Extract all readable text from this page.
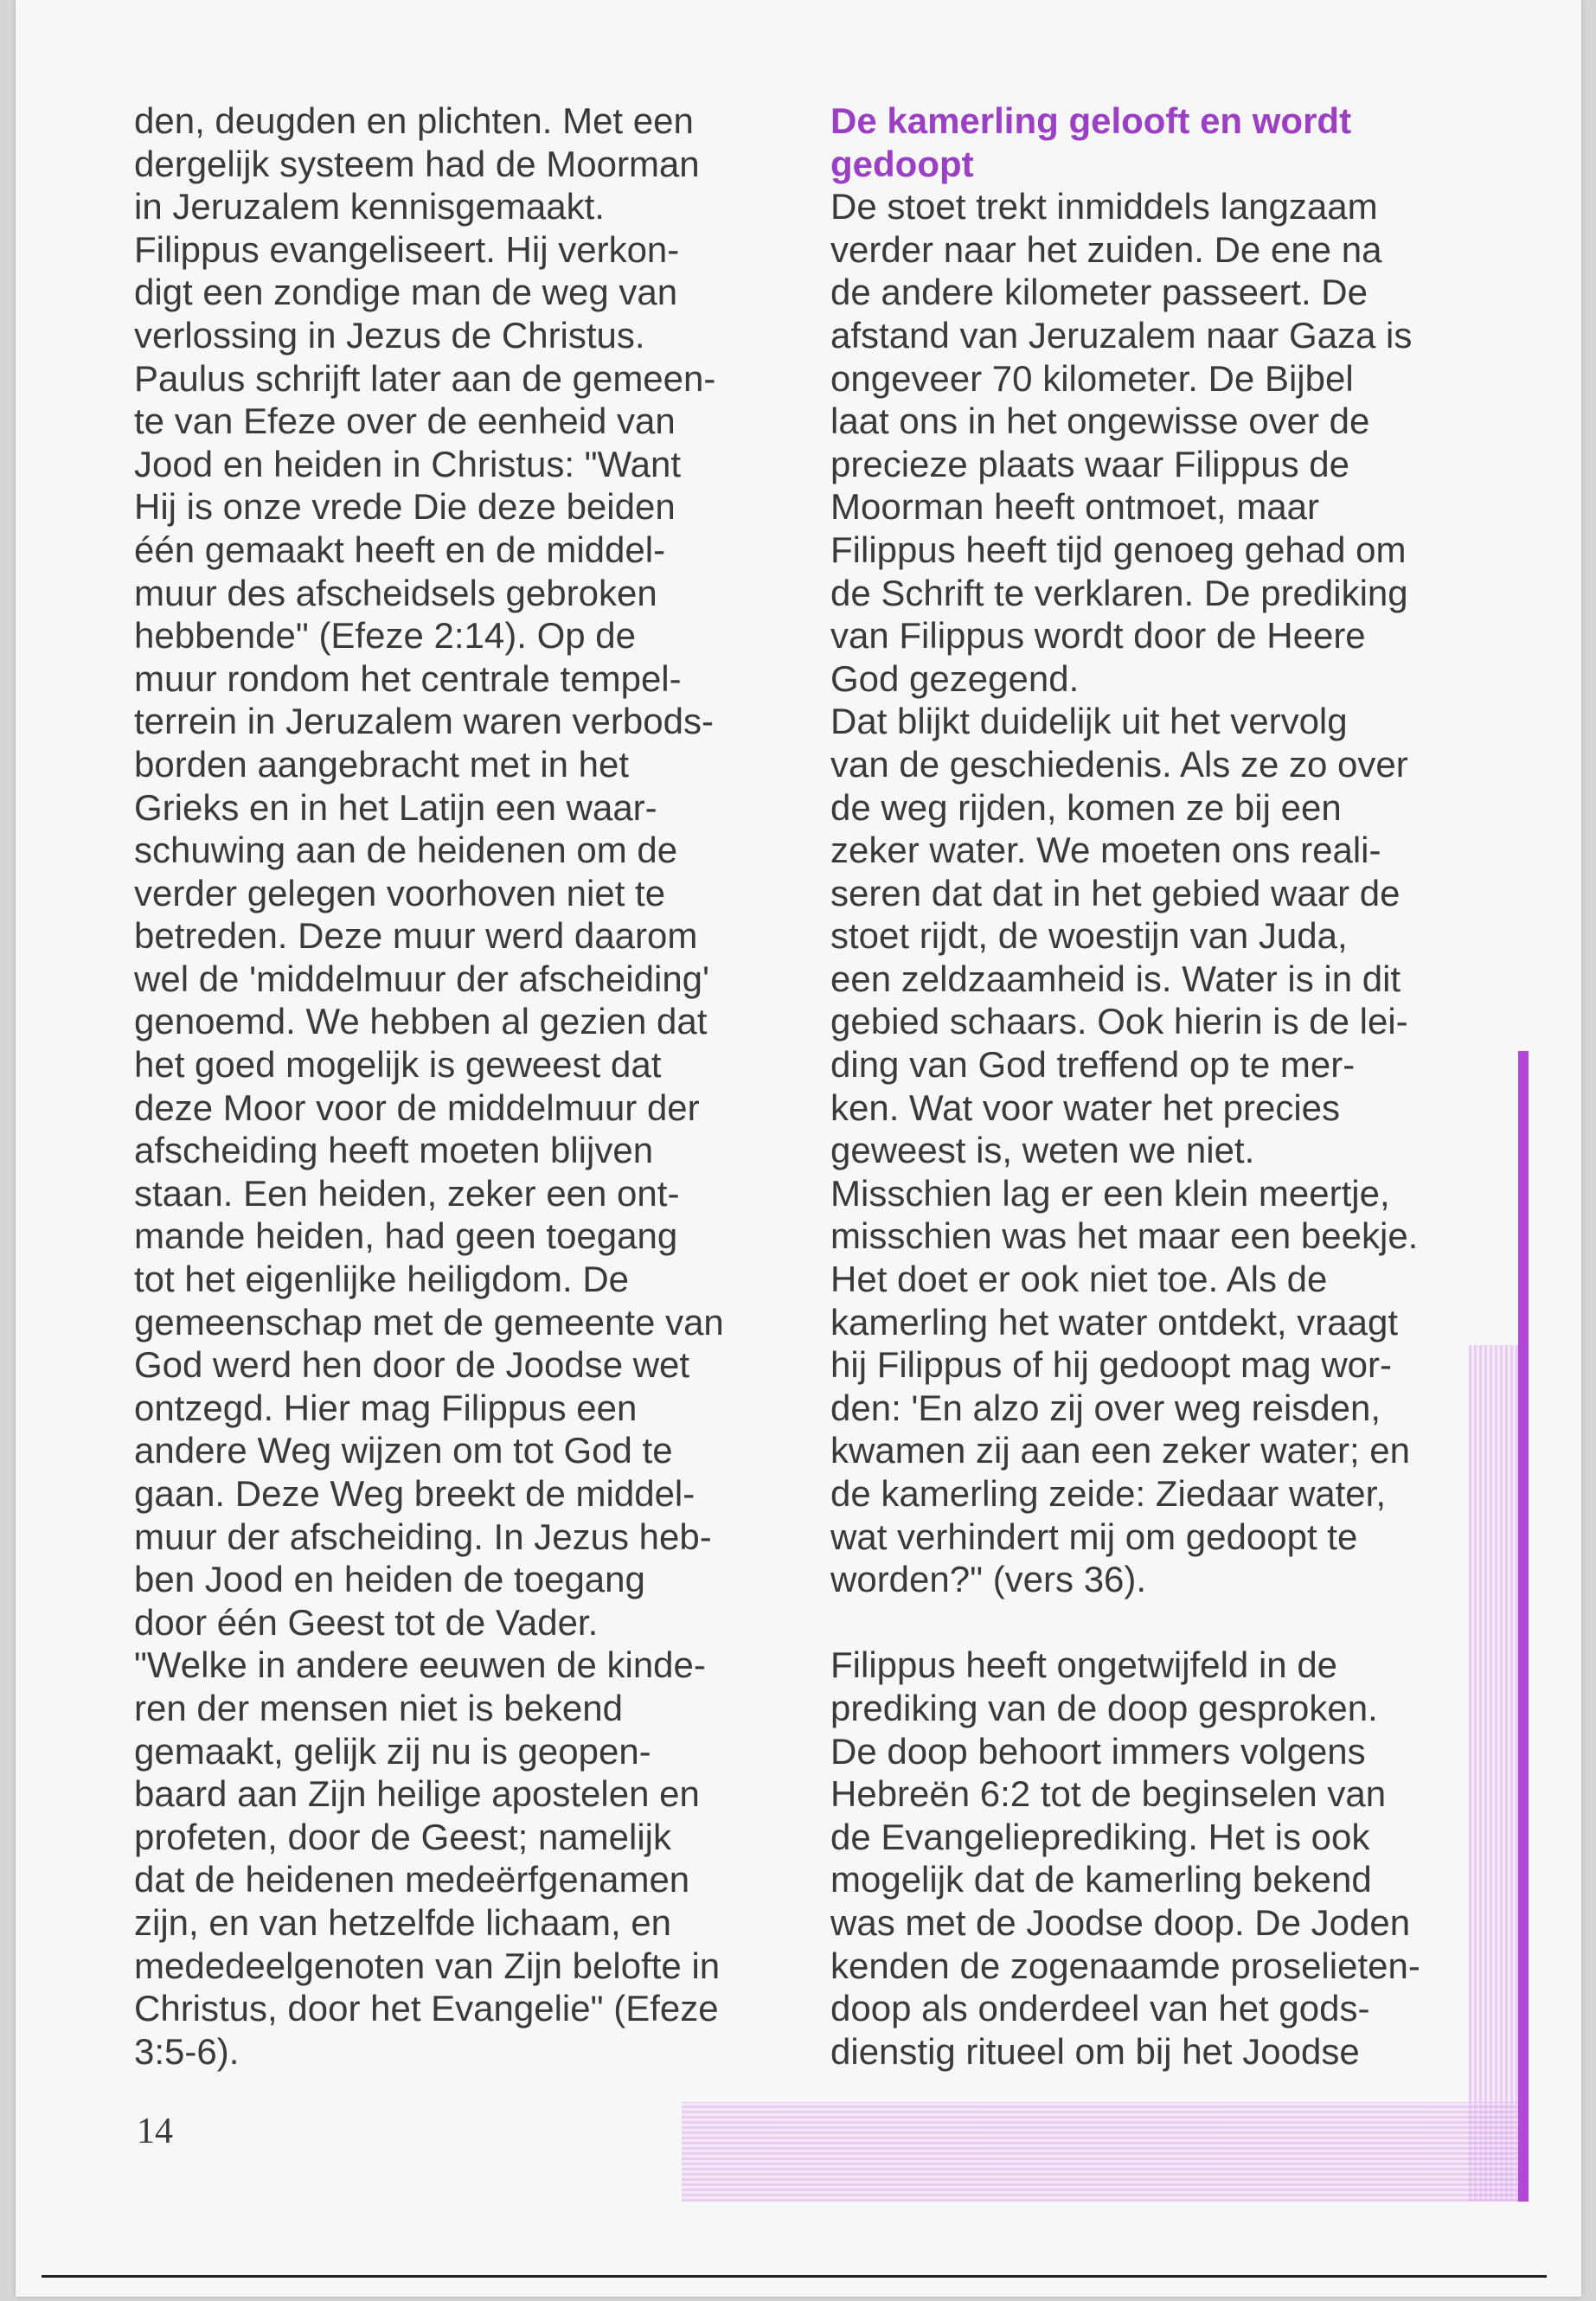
den, deugden en plichten. Met een
dergelijk systeem had de Moorman
in Jeruzalem kennisgemaakt.
Filippus evangeliseert. Hij verkon-
digt een zondige man de weg van
verlossing in Jezus de Christus.
Paulus schrijft later aan de gemeen-
te van Efeze over de eenheid van
Jood en heiden in Christus: "Want
Hij is onze vrede Die deze beiden
één gemaakt heeft en de middel-
muur des afscheidsels gebroken
hebbende" (Efeze 2:14). Op de
muur rondom het centrale tempel-
terrein in Jeruzalem waren verbods-
borden aangebracht met in het
Grieks en in het Latijn een waar-
schuwing aan de heidenen om de
verder gelegen voorhoven niet te
betreden. Deze muur werd daarom
wel de 'middelmuur der afscheiding'
genoemd. We hebben al gezien dat
het goed mogelijk is geweest dat
deze Moor voor de middelmuur der
afscheiding heeft moeten blijven
staan. Een heiden, zeker een ont-
mande heiden, had geen toegang
tot het eigenlijke heiligdom. De
gemeenschap met de gemeente van
God werd hen door de Joodse wet
ontzegd. Hier mag Filippus een
andere Weg wijzen om tot God te
gaan. Deze Weg breekt de middel-
muur der afscheiding. In Jezus heb-
ben Jood en heiden de toegang
door één Geest tot de Vader.
"Welke in andere eeuwen de kinde-
ren der mensen niet is bekend
gemaakt, gelijk zij nu is geopen-
baard aan Zijn heilige apostelen en
profeten, door de Geest; namelijk
dat de heidenen medeërfgenamen
zijn, en van hetzelfde lichaam, en
mededeelgenoten van Zijn belofte in
Christus, door het Evangelie" (Efeze
3:5-6).
De kamerling gelooft en wordt
gedoopt
De stoet trekt inmiddels langzaam
verder naar het zuiden. De ene na
de andere kilometer passeert. De
afstand van Jeruzalem naar Gaza is
ongeveer 70 kilometer. De Bijbel
laat ons in het ongewisse over de
precieze plaats waar Filippus de
Moorman heeft ontmoet, maar
Filippus heeft tijd genoeg gehad om
de Schrift te verklaren. De prediking
van Filippus wordt door de Heere
God gezegend.
Dat blijkt duidelijk uit het vervolg
van de geschiedenis. Als ze zo over
de weg rijden, komen ze bij een
zeker water. We moeten ons reali-
seren dat dat in het gebied waar de
stoet rijdt, de woestijn van Juda,
een zeldzaamheid is. Water is in dit
gebied schaars. Ook hierin is de lei-
ding van God treffend op te mer-
ken. Wat voor water het precies
geweest is, weten we niet.
Misschien lag er een klein meertje,
misschien was het maar een beekje.
Het doet er ook niet toe. Als de
kamerling het water ontdekt, vraagt
hij Filippus of hij gedoopt mag wor-
den: 'En alzo zij over weg reisden,
kwamen zij aan een zeker water; en
de kamerling zeide: Ziedaar water,
wat verhindert mij om gedoopt te
worden?" (vers 36).
Filippus heeft ongetwijfeld in de
prediking van de doop gesproken.
De doop behoort immers volgens
Hebreën 6:2 tot de beginselen van
de Evangelieprediking. Het is ook
mogelijk dat de kamerling bekend
was met de Joodse doop. De Joden
kenden de zogenaamde proselieten-
doop als onderdeel van het gods-
dienstig ritueel om bij het Joodse
14
